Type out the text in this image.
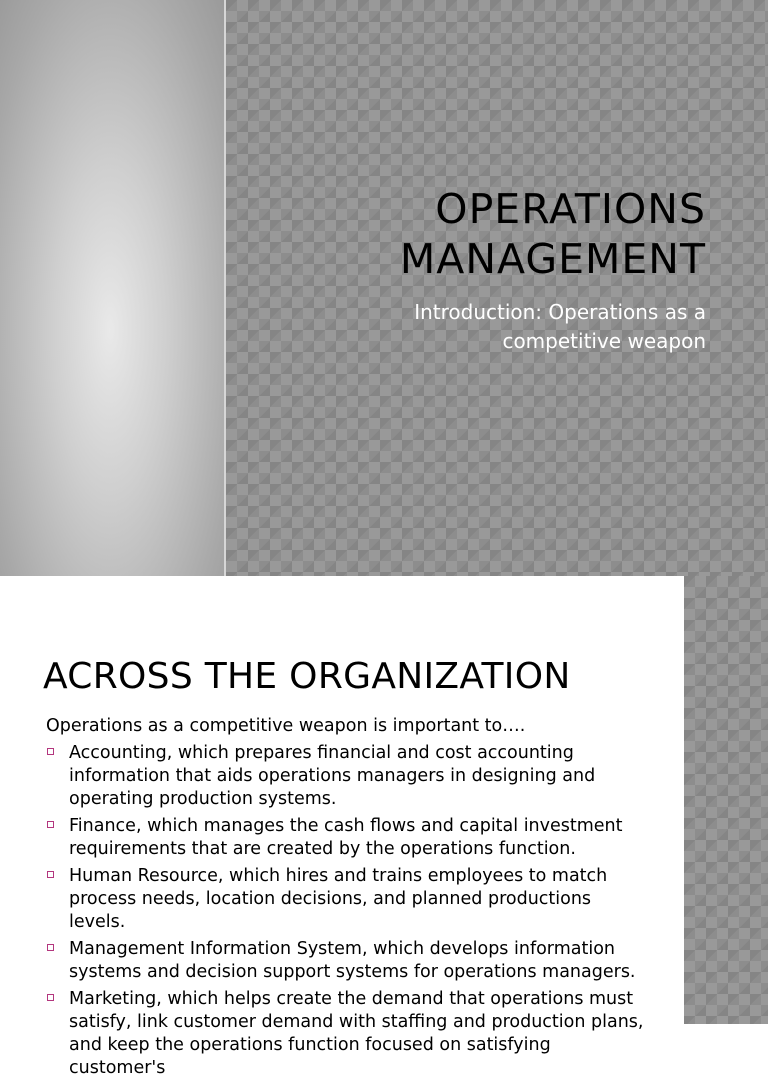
OPERATIONS
MANAGEMENT
Introduction: Operations as a
competitive weapon
ACROSS THE ORGANIZATION
Operations as a competitive weapon is important to….
Accounting, which prepares financial and cost accounting information that aids operations managers in designing and operating production systems.
Finance, which manages the cash flows and capital investment requirements that are created by the operations function.
Human Resource, which hires and trains employees to match process needs, location decisions, and planned productions levels.
Management Information System, which develops information systems and decision support systems for operations managers.
Marketing, which helps create the demand that operations must satisfy, link customer demand with staffing and production plans, and keep the operations function focused on satisfying customer's
